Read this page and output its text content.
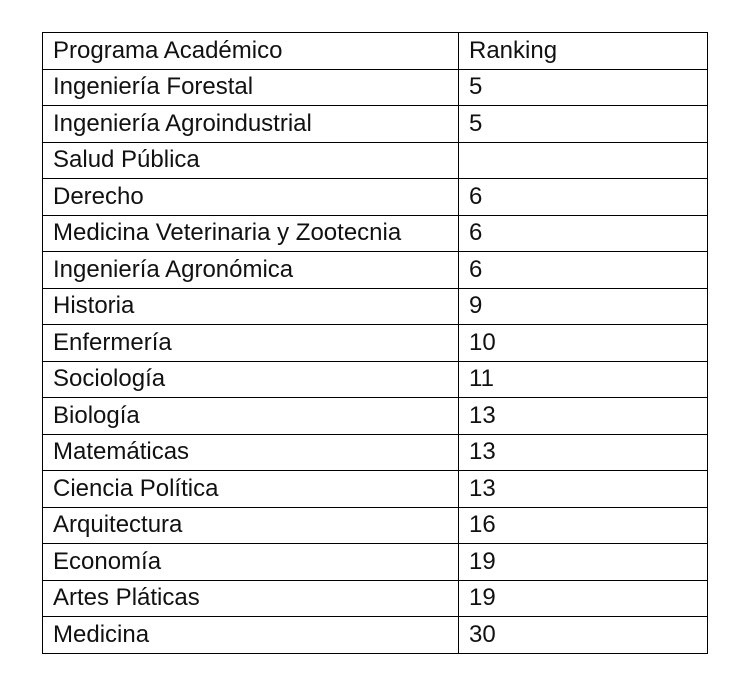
Programa Académico	Ranking
Ingeniería Forestal	5
Ingeniería Agroindustrial	5
Salud Pública	
Derecho	6
Medicina Veterinaria y Zootecnia	6
Ingeniería Agronómica	6
Historia	9
Enfermería	10
Sociología	11
Biología	13
Matemáticas	13
Ciencia Política	13
Arquitectura	16
Economía	19
Artes Pláticas	19
Medicina	30
